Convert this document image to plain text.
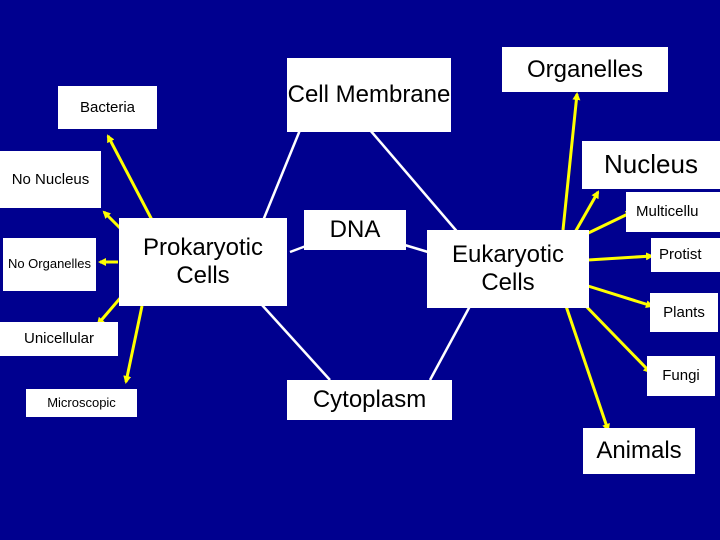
Prokaryotic Cells
Eukaryotic Cells
Cell Membrane
DNA
Cytoplasm
Organelles
Nucleus
Bacteria
No Nucleus
No Organelles
Unicellular
Microscopic
Multicellu
Protist
Plants
Fungi
Animals
